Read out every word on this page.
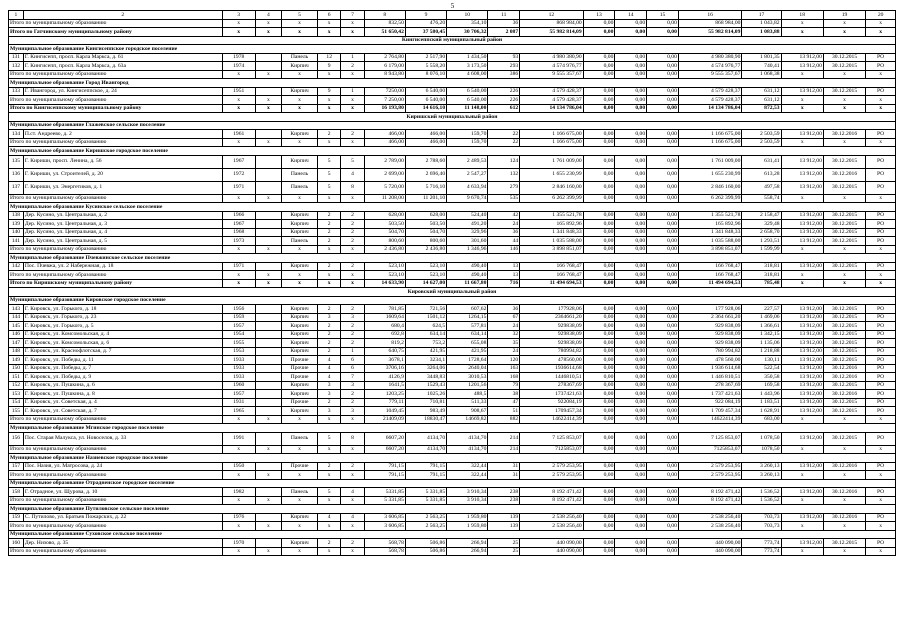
5
1	2	3	4	5	6	7	8	9	10	11	12	13	14	15	16	17	18	19	20
Итого по муниципальному образованию		x	x	x	x	x	832,50	476,20	354,10	36	868 984,00	0,00	0,00	0,00	868 984,00	1 043,82	x	x	x
Итого по Гатчинскому муниципальному району		x	x	x	x	x	51 650,42	37 580,45	30 706,32	2 087	55 982 814,09	0,00	0,00	0,00	55 982 814,09	1 083,88	x	x	x
Кингисеппский муниципальный район																			
Муниципальное образование Кингисеппское городское поселение																			
131	Г. Кингисепп, просп. Карла Маркса, д. 61	1978		Панель	12	1	2 764,80	2 517,90	1 434,50	93	4 980 380,90	0,00	0,00	0,00	4 980 380,90	1 801,35	13 912,00	30.12.2015	РО
132	Г. Кингисепп, просп. Карла Маркса, д. 63а	1974		Кирпич	9	2	6 179,00	5 558,20	3 173,50	293	4 574 976,77	0,00	0,00	0,00	4 574 976,77	740,41	13 912,00	30.12.2015	РО
Итого по муниципальному образованию		x	x	x	x	x	8 943,80	8 076,10	4 608,00	386	9 555 357,67	0,00	0,00	0,00	9 555 357,67	1 068,38	x	x	x
Муниципальное образование Город Ивангород																			
133	Г. Ивангород, ул. Кингисеппское, д. 24	1951		Кирпич	9	1	7250,00	6 540,00	6 540,00	226	4 579 428,37	0,00	0,00	0,00	4 579 428,37	631,12	13 912,00	30.12.2015	РО
Итого по муниципальному образованию		x	x	x	x	x	7 250,00	6 540,00	6 540,00	226	4 579 428,37	0,00	0,00	0,00	4 579 428,37	631,12	x	x	x
Итого по Кингисеппскому муниципальному району		x	x	x	x	x	16 193,80	14 616,10	11 148,00	612	14 134 786,04	0,00	0,00	0,00	14 134 786,04	872,53	x	x	x
Киришский муниципальный район																			
Муниципальное образование Глажевское сельское поселение																			
134	П.ст. Андреево, д. 2	1961		Кирпич	2	2	466,00	466,00	159,70	22	1 166 675,00	0,00	0,00	0,00	1 166 675,00	2 503,59	13 912,00	30.12.2016	РО
Итого по муниципальному образованию		x	x	x	x	x	466,00	466,00	159,70	22	1 166 675,00	0,00	0,00	0,00	1 166 675,00	2 503,59	x	x	x
Муниципальное образование Киришское городское поселение																			
135	Г. Кириши, просп. Ленина, д. 56	1967		Кирпич	5	5	2 789,00	2 788,60	2 489,53	124	1 761 009,00	0,00	0,00	0,00	1 761 009,00	631,41	13 912,00	30.12.2015	РО
136	Г. Кириши, ул. Строителей, д. 20	1972		Панель	5	4	2 699,00	2 696,40	2 547,27	132	1 655 230,99	0,00	0,00	0,00	1 655 230,99	613,28	13 912,00	30.12.2016	РО
137	Г. Кириши, ул. Энергетиков, д. 1	1971		Панель	5	8	5 720,00	5 716,10	4 633,94	279	2 846 160,00	0,00	0,00	0,00	2 846 160,00	497,58	13 912,00	30.12.2015	РО
Итого по муниципальному образованию		x	x	x	x	x	11 208,00	11 201,10	9 670,74	535	6 262 399,99	0,00	0,00	0,00	6 262 399,99	558,74	x	x	x
Муниципальное образование Кусинское сельское поселение																			
138	Дер. Кусино, ул. Центральная, д. 2	1966		Кирпич	2	2	628,00	628,00	524,40	42	1 355 521,78	0,00	0,00	0,00	1 355 521,78	2 158,47	13 912,00	30.12.2015	РО
139	Дер. Кусино, ул. Центральная, д. 3	1967		Кирпич	2	2	503,50	503,50	491,20	24	165 892,96	0,00	0,00	0,00	165 892,96	329,48	13 912,00	30.12.2015	РО
140	Дер. Кусино, ул. Центральная, д. 4	1968		Кирпич	2	2	504,70	504,70	329,96	36	1 341 848,33	0,00	0,00	0,00	1 341 848,33	2 658,70	13 912,00	30.12.2015	РО
141	Дер. Кусино, ул. Центральная, д. 5	1973		Панель	2	2	800,60	800,60	301,60	44	1 035 588,00	0,00	0,00	0,00	1 035 588,00	1 293,51	13 912,00	30.12.2015	РО
Итого по муниципальному образованию		x	x	x	x	x	2 436,80	2 436,80	1 346,96	146	3 898 851,07	0,00	0,00	0,00	3 898 851,07	1 599,99	x	x	x
Муниципальное образование Пчевжинское сельское поселение																			
142	Пос. Пчевжа, ул. 2 Набережная, д. 18	1971		Кирпич	2	2	523,10	523,10	490,40	13	166 768,47	0,00	0,00	0,00	166 768,47	318,81	13 912,00	30.12.2015	РО
Итого по муниципальному образованию		x	x	x	x	x	523,10	523,10	490,40	13	166 768,47	0,00	0,00	0,00	166 768,47	318,81	x	x	x
Итого по Киришскому муниципальному району		x	x	x	x	x	14 633,90	14 627,00	11 667,80	716	11 494 694,53	0,00	0,00	0,00	11 494 694,53	785,48	x	x	x
Кировский муниципальный район																			
Муниципальное образование Кировское городское поселение																			
143	Г. Кировск, ул. Горького, д. 18	1956		Кирпич	2	2	781,85	721,56	607,62	36	177928,06	0,00	0,00	0,00	177 928,06	227,57	13 912,00	30.12.2015	РО
144	Г. Кировск, ул. Горького, д. 23	1959		Кирпич	3	3	1609,64	1501,12	1264,15	67	2364661,20	0,00	0,00	0,00	2 364 661,20	1 469,06	13 912,00	30.12.2015	РО
145	Г. Кировск, ул. Горького, д. 5	1957		Кирпич	2	2	680,4	624,5	577,81	24	929838,09	0,00	0,00	0,00	929 838,09	1 366,61	13 912,00	30.12.2015	РО
146	Г. Кировск, ул. Комсомольская, д. 4	1954		Кирпич	2	2	692,8	634,14	634,14	32	929838,09	0,00	0,00	0,00	929 838,09	1 342,15	13 912,00	30.12.2015	РО
147	Г. Кировск, ул. Комсомольская, д. 6	1955		Кирпич	2	2	819,2	753,2	655,08	35	929838,09	0,00	0,00	0,00	929 838,09	1 135,06	13 912,00	30.12.2015	РО
148	Г. Кировск, ул. Краснофлотская, д. 7	1953		Кирпич	2	1	640,75	421,95	421,95	24	780994,82	0,00	0,00	0,00	780 994,82	1 218,88	13 912,00	30.12.2015	РО
149	Г. Кировск, ул. Победы, д. 11	1933		Прочие	4	6	3678,1	3234,1	1728,64	120	478560,00	0,00	0,00	0,00	478 560,00	130,11	13 912,00	30.12.2015	РО
150	Г. Кировск, ул. Победы, д. 7	1933		Прочие	4	6	3706,16	3264,06	2640,04	163	1936614,68	0,00	0,00	0,00	1 936 614,68	522,54	13 912,00	30.12.2016	РО
151	Г. Кировск, ул. Победы, д. 9	1933		Прочие	4	7	4126,9	3448,83	3010,53	168	1446810,51	0,00	0,00	0,00	1 446 810,51	350,58	13 912,00	30.12.2016	РО
152	Г. Кировск, ул. Пушкина, д. 6	1960		Кирпич	3	3	1641,5	1529,43	1201,56	79	278367,69	0,00	0,00	0,00	278 367,69	169,58	13 912,00	30.12.2015	РО
153	Г. Кировск, ул. Пушкина, д. 8	1957		Кирпич	3	2	1203,25	1025,26	488,5	38	1737421,63	0,00	0,00	0,00	1 737 421,63	1 443,96	13 912,00	30.12.2016	РО
154	Г. Кировск, ул. Советская, д. 4	1931		Прочие	2	2	779,11	710,81	511,33	47	922084,19	0,00	0,00	0,00	922 084,19	1 183,51	13 912,00	30.12.2015	РО
155	Г. Кировск, ул. Советская, д. 7	1965		Кирпич	3	3	1049,45	983,49	908,67	51	1709457,34	0,00	0,00	0,00	1 709 457,34	1 628,91	13 912,00	30.12.2015	РО
Итого по муниципальному образованию		x	x	x	x	x	21409,09	18830,47	14669,82	882	14622414,39	0,00	0,00	0,00	14622414,39	683,00	x	x	x
Муниципальное образование Мгинское городское поселение																			
156	Пос. Старая Малукса, ул. Новоселов, д. 33	1991		Панель	5	8	6607,20	4134,70	4134,70	214	7 125 853,07	0,00	0,00	0,00	7 125 853,07	1 078,50	13 912,00	30.12.2015	РО
Итого по муниципальному образованию		x	x	x	x	x	6607,20	4134,70	4134,70	214	7125853,07	0,00	0,00	0,00	7125853,07	1078,50	x	x	x
Муниципальное образование Назиевское городское поселение																			
157	Пос. Назия, ул. Матросова, д. 24	1950		Прочие	2	2	791,15	791,15	322,44	31	2 579 253,95	0,00	0,00	0,00	2 579 253,95	3 260,13	13 912,00	30.12.2016	РО
Итого по муниципальному образованию		x	x	x	x	x	791,15	791,15	322,44	31	2 579 253,95	0,00	0,00	0,00	2 579 253,95	3 260,13	x	x	x
Муниципальное образование Отрадненское городское поселение																			
158	Г. Отрадное, ул. Щурова, д. 10	1982		Панель	5	4	5331,85	5 331,85	3 910,34	238	8 192 471,42	0,00	0,00	0,00	8 192 471,42	1 536,52	13 912,00	30.12.2016	РО
Итого по муниципальному образованию		x	x	x	x	x	5 331,85	5 331,85	3 910,34	238	8 192 471,42	0,00	0,00	0,00	8 192 471,42	1 536,52	x	x	x
Муниципальное образование Путиловское сельское поселение																			
159	С. Путилово, ул. Братьев Пожарских, д. 22	1976		Кирпич	4	4	3 606,85	2 563,25	1 959,80	139	2 538 256,40	0,00	0,00	0,00	2 538 256,40	703,73	13 912,00	30.12.2016	РО
Итого по муниципальному образованию		x	x	x	x	x	3 606,85	2 563,25	1 959,80	139	2 538 256,40	0,00	0,00	0,00	2 538 256,40	703,73	x	x	x
Муниципальное образование Суховское сельское поселение																			
160	Дер. Низово, д. 35	1970		Кирпич	2	2	568,78	506,86	266,94	25	440 090,00	0,00	0,00	0,00	440 090,00	773,74	13 912,00	30.12.2015	РО
Итого по муниципальному образованию		x	x	x	x	x	568,78	506,86	266,94	25	440 090,00	0,00	0,00	0,00	440 090,00	773,74	x	x	x
